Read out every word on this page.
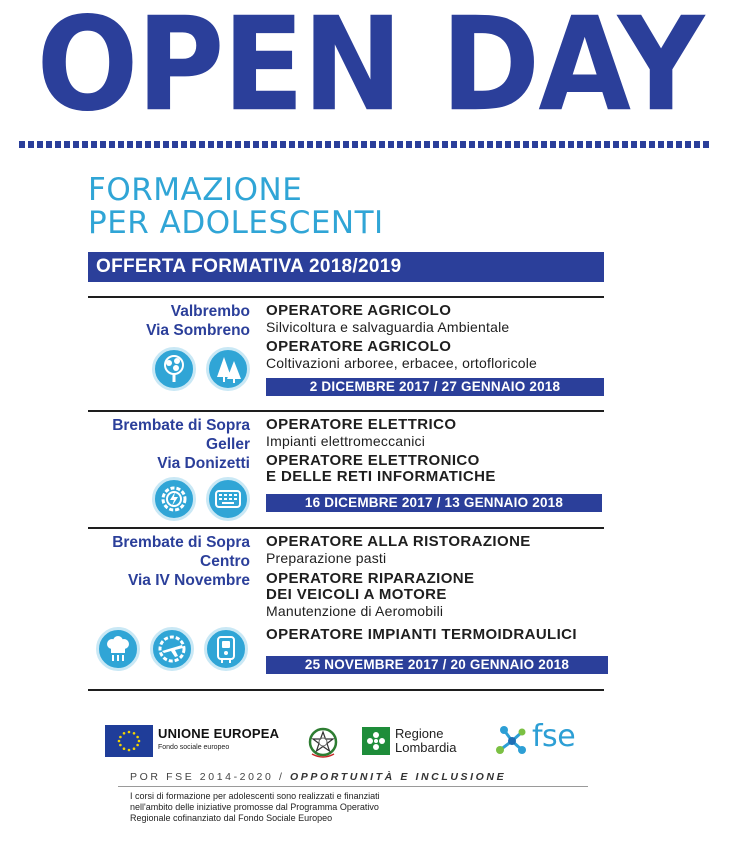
OPEN DAY
FORMAZIONE
PER ADOLESCENTI
OFFERTA FORMATIVA 2018/2019
Valbrembo
Via Sombreno
OPERATORE AGRICOLO
Silvicoltura e salvaguardia Ambientale
OPERATORE AGRICOLO
Coltivazioni arboree, erbacee, ortofloricole
2 DICEMBRE 2017 / 27 GENNAIO 2018
Brembate di Sopra
Geller
Via Donizetti
OPERATORE ELETTRICO
Impianti elettromeccanici
OPERATORE ELETTRONICO
E DELLE RETI INFORMATICHE
16 DICEMBRE 2017 / 13 GENNAIO 2018
Brembate di Sopra
Centro
Via IV Novembre
OPERATORE ALLA RISTORAZIONE
Preparazione pasti
OPERATORE RIPARAZIONE
DEI VEICOLI A MOTORE
Manutenzione di Aeromobili
OPERATORE IMPIANTI TERMOIDRAULICI
25 NOVEMBRE 2017 / 20 GENNAIO 2018
UNIONE EUROPEA
Fondo sociale europeo
Regione
Lombardia	fse
POR FSE 2014-2020 / OPPORTUNITÀ E INCLUSIONE
I corsi di formazione per adolescenti sono realizzati e finanziati
nell'ambito delle iniziative promosse dal Programma Operativo
Regionale cofinanziato dal Fondo Sociale Europeo
